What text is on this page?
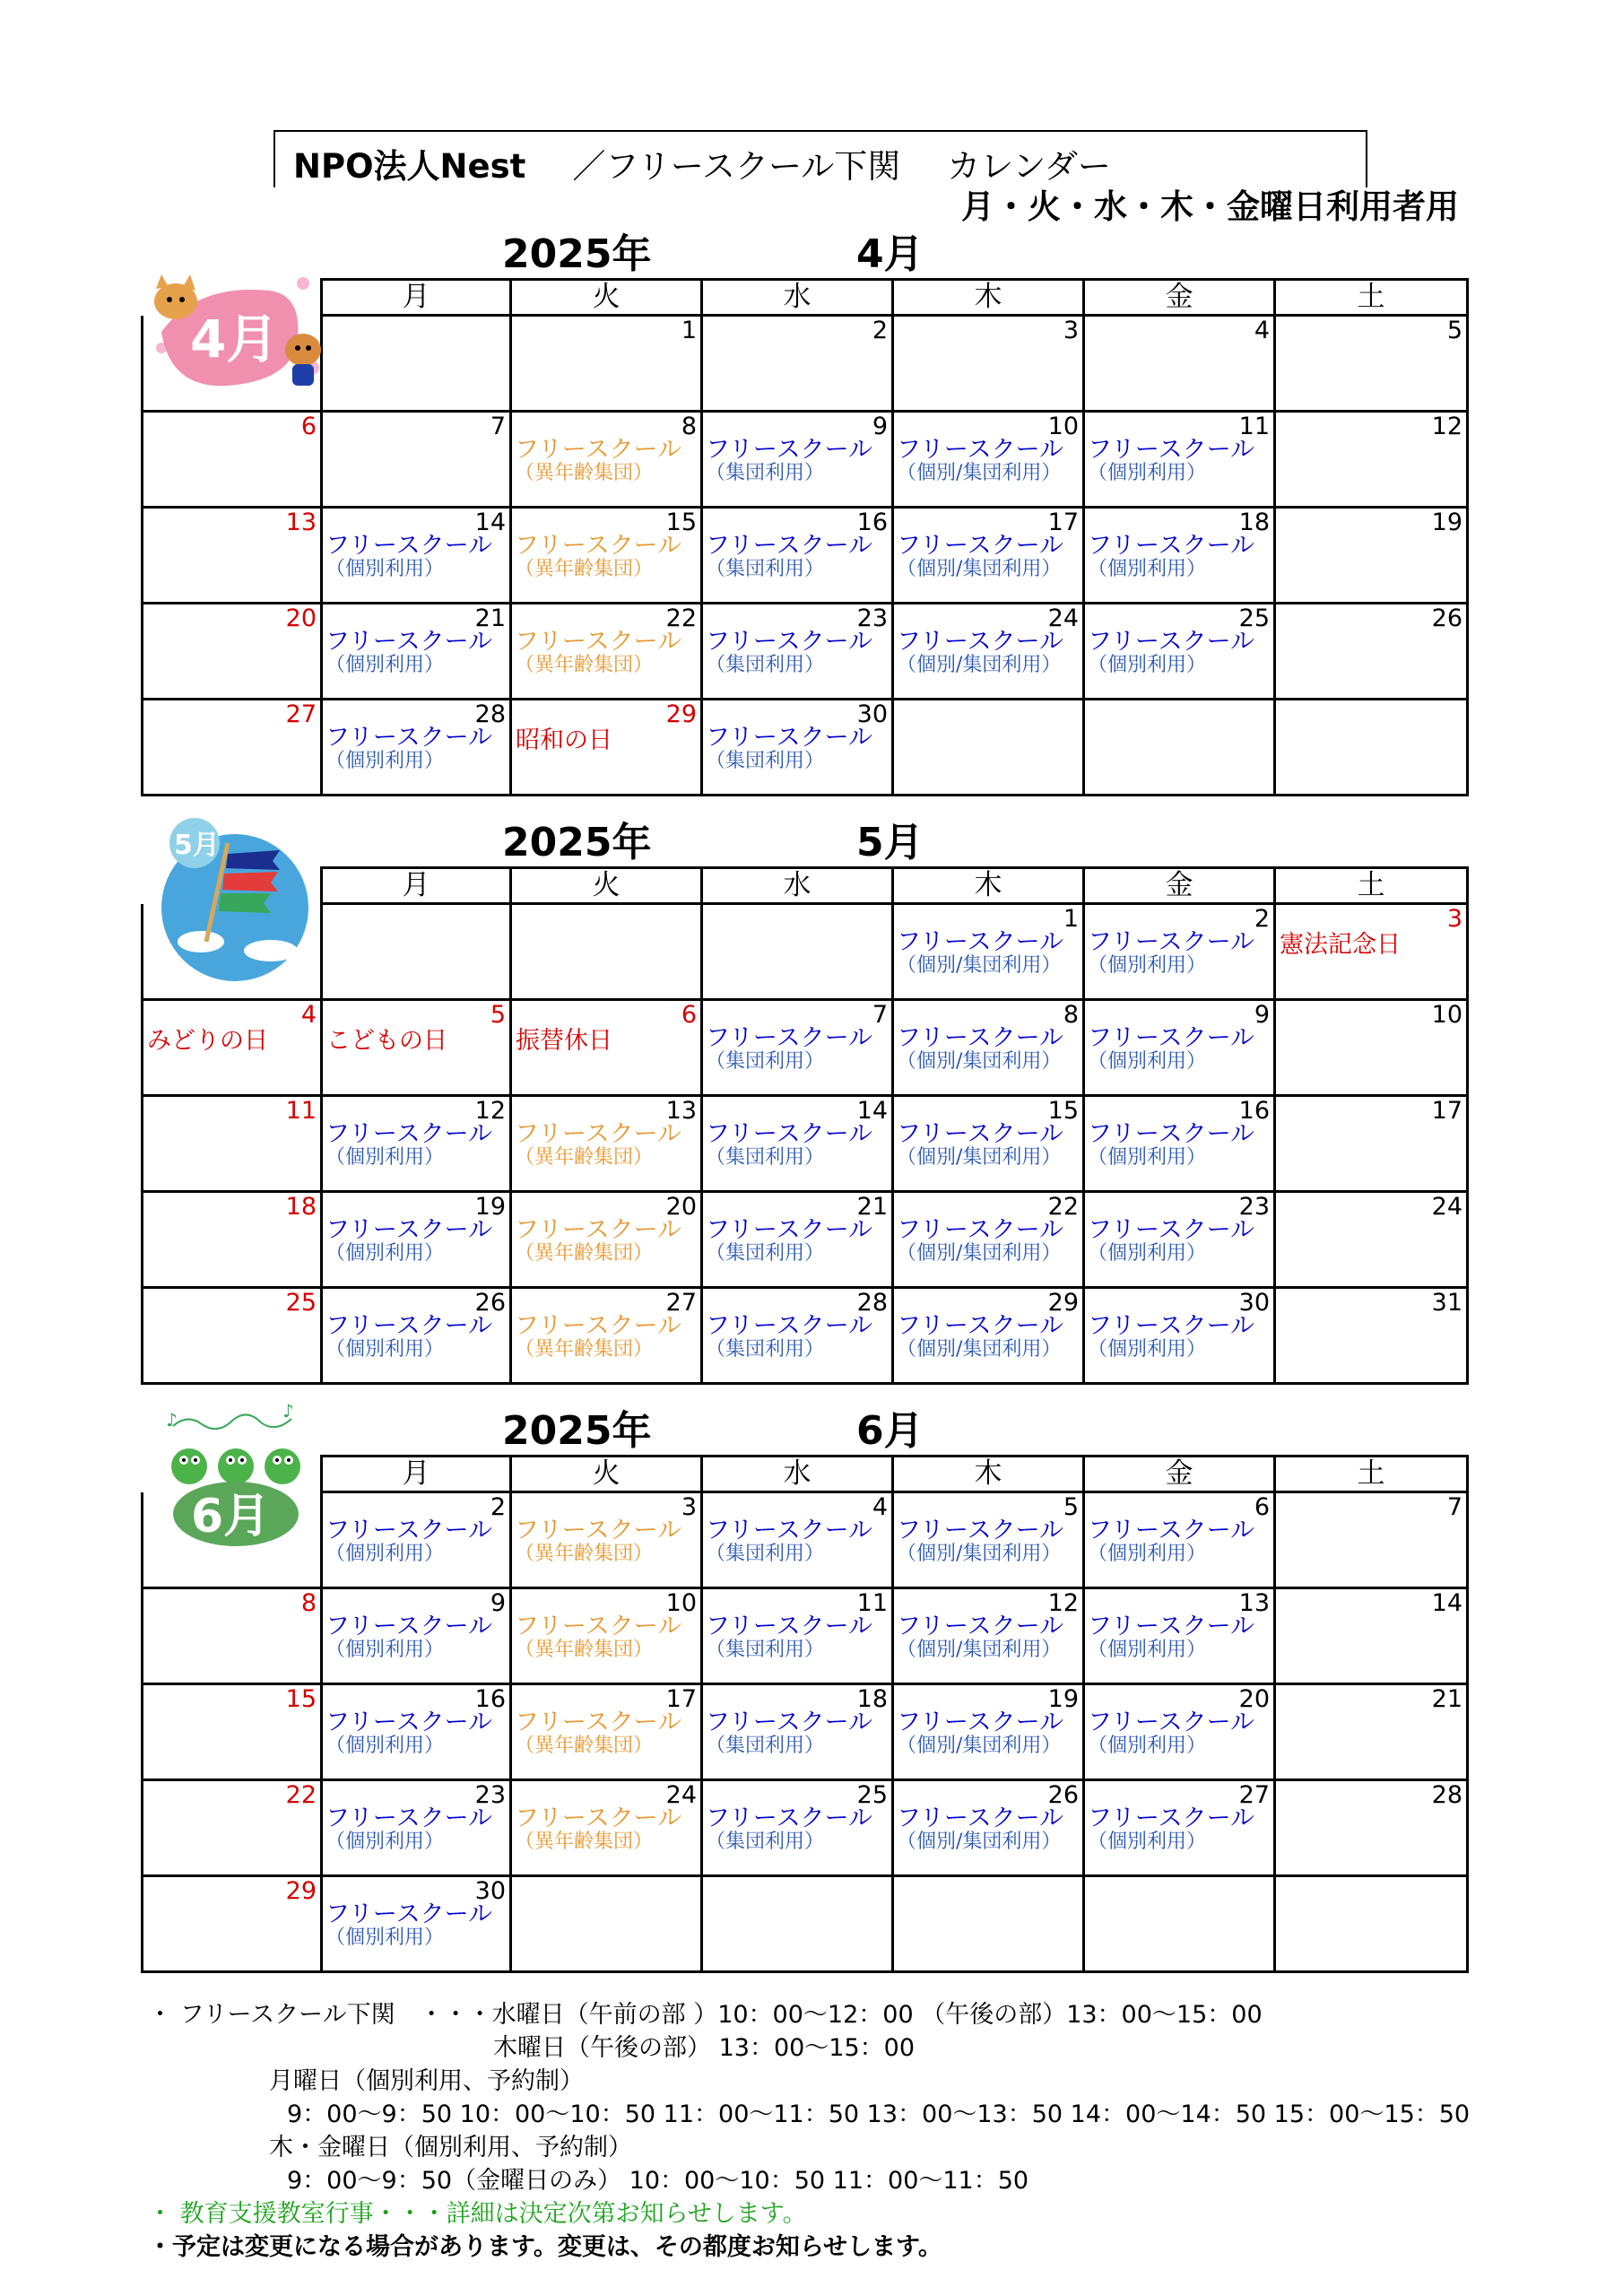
NPO法人Nest ／フリースクール下関 カレンダー
月・火・水・木・金曜日利用者用
2025年	4月
	月	火	水	木	金	土

		1	2	3	4	5

6	7	8
フリースクール
（異年齢集団）	9
フリースクール
（集団利用）	10
フリースクール
（個別/集団利用）	11
フリースクール
（個別利用）	12

13	14
フリースクール
（個別利用）	15
フリースクール
（異年齢集団）	16
フリースクール
（集団利用）	17
フリースクール
（個別/集団利用）	18
フリースクール
（個別利用）	19

20	21
フリースクール
（個別利用）	22
フリースクール
（異年齢集団）	23
フリースクール
（集団利用）	24
フリースクール
（個別/集団利用）	25
フリースクール
（個別利用）	26

27	28
フリースクール
（個別利用）	29
昭和の日	30
フリースクール
（集団利用）			

2025年	5月
	月	火	水	木	金	土

				1
フリースクール
（個別/集団利用）	2
フリースクール
（個別利用）	3
憲法記念日

4
みどりの日	5
こどもの日	6
振替休日	7
フリースクール
（集団利用）	8
フリースクール
（個別/集団利用）	9
フリースクール
（個別利用）	10

11	12
フリースクール
（個別利用）	13
フリースクール
（異年齢集団）	14
フリースクール
（集団利用）	15
フリースクール
（個別/集団利用）	16
フリースクール
（個別利用）	17

18	19
フリースクール
（個別利用）	20
フリースクール
（異年齢集団）	21
フリースクール
（集団利用）	22
フリースクール
（個別/集団利用）	23
フリースクール
（個別利用）	24

25	26
フリースクール
（個別利用）	27
フリースクール
（異年齢集団）	28
フリースクール
（集団利用）	29
フリースクール
（個別/集団利用）	30
フリースクール
（個別利用）	31
2025年	6月
	月	火	水	木	金	土

	2
フリースクール
（個別利用）	3
フリースクール
（異年齢集団）	4
フリースクール
（集団利用）	5
フリースクール
（個別/集団利用）	6
フリースクール
（個別利用）	7

8	9
フリースクール
（個別利用）	10
フリースクール
（異年齢集団）	11
フリースクール
（集団利用）	12
フリースクール
（個別/集団利用）	13
フリースクール
（個別利用）	14

15	16
フリースクール
（個別利用）	17
フリースクール
（異年齢集団）	18
フリースクール
（集団利用）	19
フリースクール
（個別/集団利用）	20
フリースクール
（個別利用）	21

22	23
フリースクール
（個別利用）	24
フリースクール
（異年齢集団）	25
フリースクール
（集団利用）	26
フリースクール
（個別/集団利用）	27
フリースクール
（個別利用）	28

29	30
フリースクール
（個別利用）					

4月
5月
♪	♪
6月
・ フリースクール下関　・・・水曜日（午前の部 ）10：00～12：00 （午後の部）13：00～15：00
木曜日（午後の部） 13：00～15：00
月曜日（個別利用、予約制）
9：00～9：50 10：00～10：50 11：00～11：50 13：00～13：50 14：00～14：50 15：00～15：50
木・金曜日（個別利用、予約制）
9：00～9：50（金曜日のみ） 10：00～10：50 11：00～11：50
・ 教育支援教室行事・・・詳細は決定次第お知らせします。
・予定は変更になる場合があります。変更は、その都度お知らせします。
